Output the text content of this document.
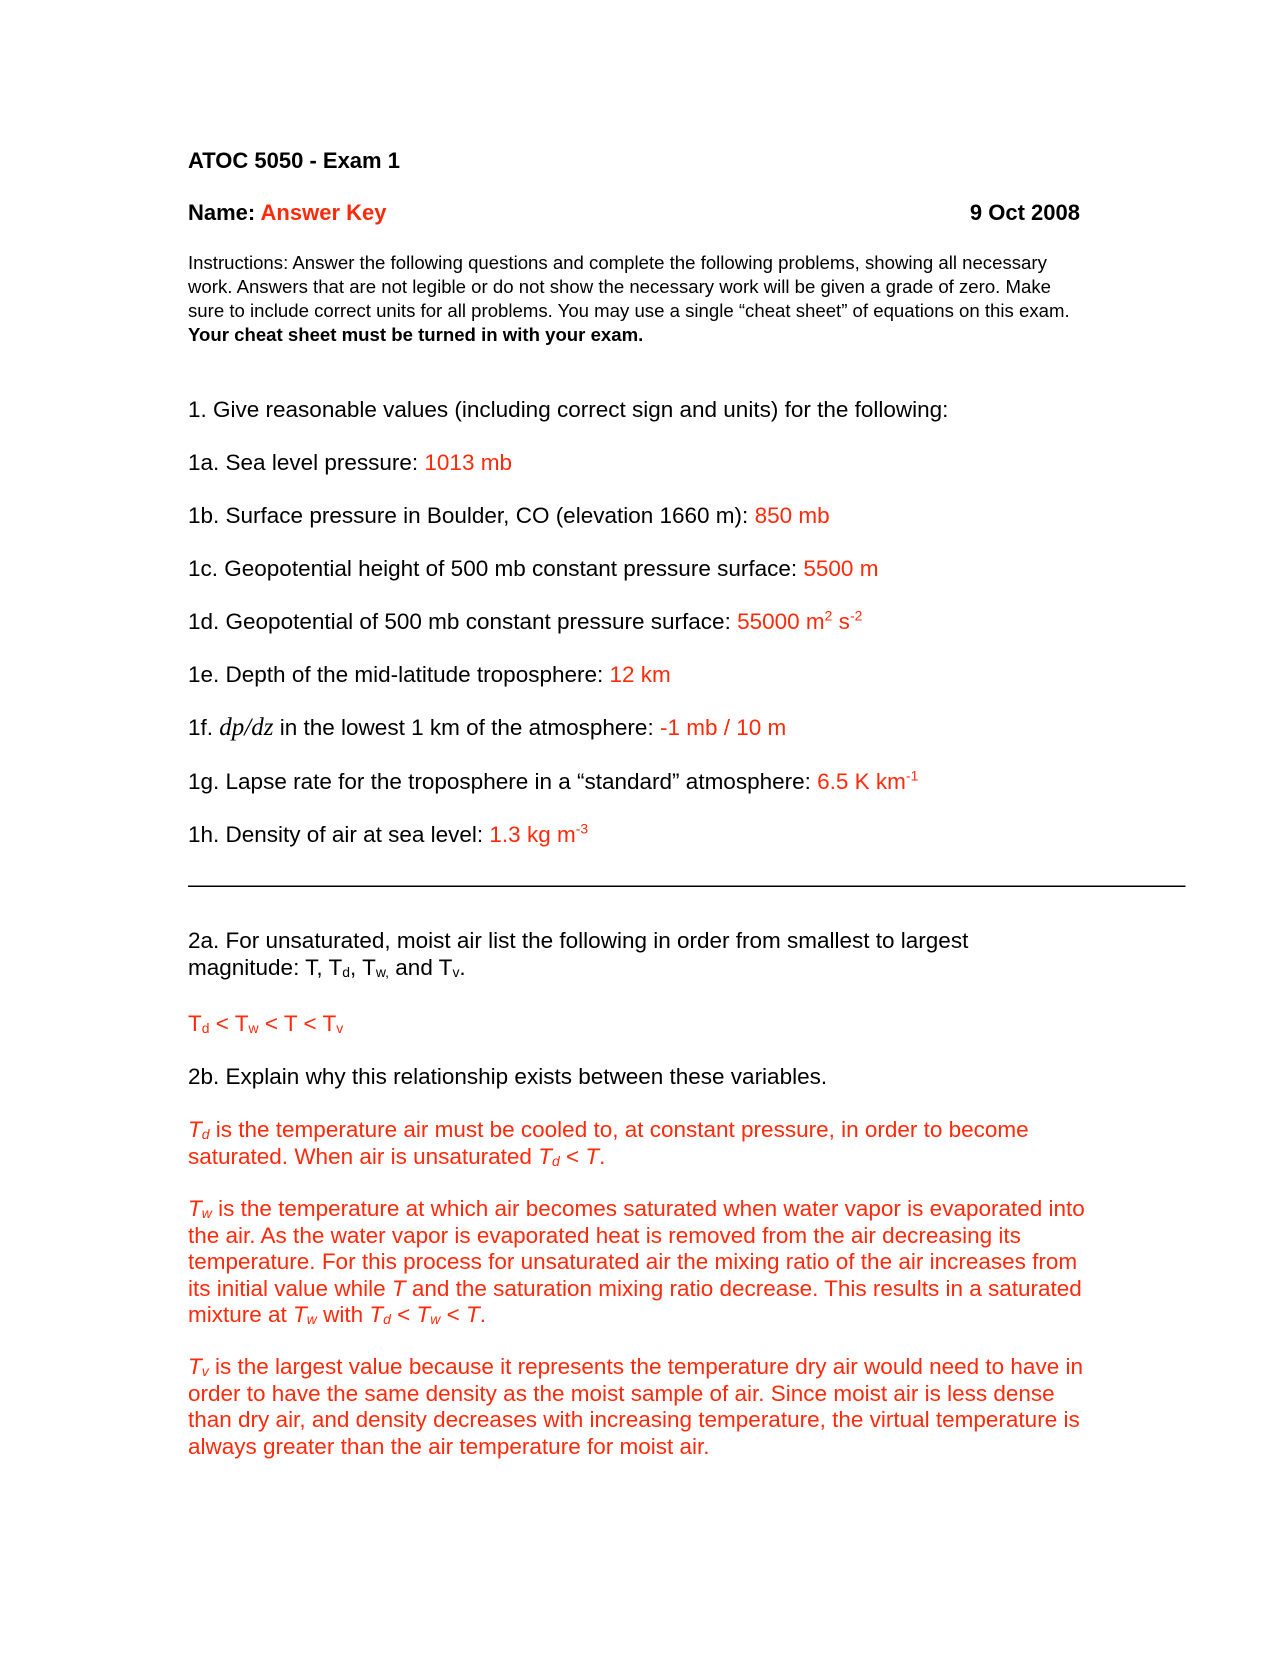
ATOC 5050 - Exam 1
Name: Answer Key	9 Oct 2008

Instructions: Answer the following questions and complete the following problems, showing all necessary work. Answers that are not legible or do not show the necessary work will be given a grade of zero. Make sure to include correct units for all problems. You may use a single “cheat sheet” of equations on this exam. Your cheat sheet must be turned in with your exam.

1. Give reasonable values (including correct sign and units) for the following:
1a. Sea level pressure: 1013 mb
1b. Surface pressure in Boulder, CO (elevation 1660 m): 850 mb
1c. Geopotential height of 500 mb constant pressure surface: 5500 m
1d. Geopotential of 500 mb constant pressure surface: 55000 $m^2$ $s^{-2}$
1e. Depth of the mid-latitude troposphere: 12 km
1f. dp/dz in the lowest 1 km of the atmosphere: -1 mb / 10 m
1g. Lapse rate for the troposphere in a “standard” atmosphere: 6.5 K $km^{-1}$
1h. Density of air at sea level: 1.3 kg $m^{-3}$
———————————————————————————————————————————————————
2a. For unsaturated, moist air list the following in order from smallest to largest
magnitude: T, $T_d$, $T_{w,}$ and $T_v$.
$T_d < T_w < T < T_v$
2b. Explain why this relationship exists between these variables.

$T_d$ is the temperature air must be cooled to, at constant pressure, in order to become saturated. When air is unsaturated $T_d < T$.

$T_w$ is the temperature at which air becomes saturated when water vapor is evaporated into the air. As the water vapor is evaporated heat is removed from the air decreasing its temperature. For this process for unsaturated air the mixing ratio of the air increases from its initial value while T and the saturation mixing ratio decrease. This results in a saturated mixture at $T_w$ with $T_d < T_w < T$.

$T_v$ is the largest value because it represents the temperature dry air would need to have in order to have the same density as the moist sample of air. Since moist air is less dense than dry air, and density decreases with increasing temperature, the virtual temperature is always greater than the air temperature for moist air.
